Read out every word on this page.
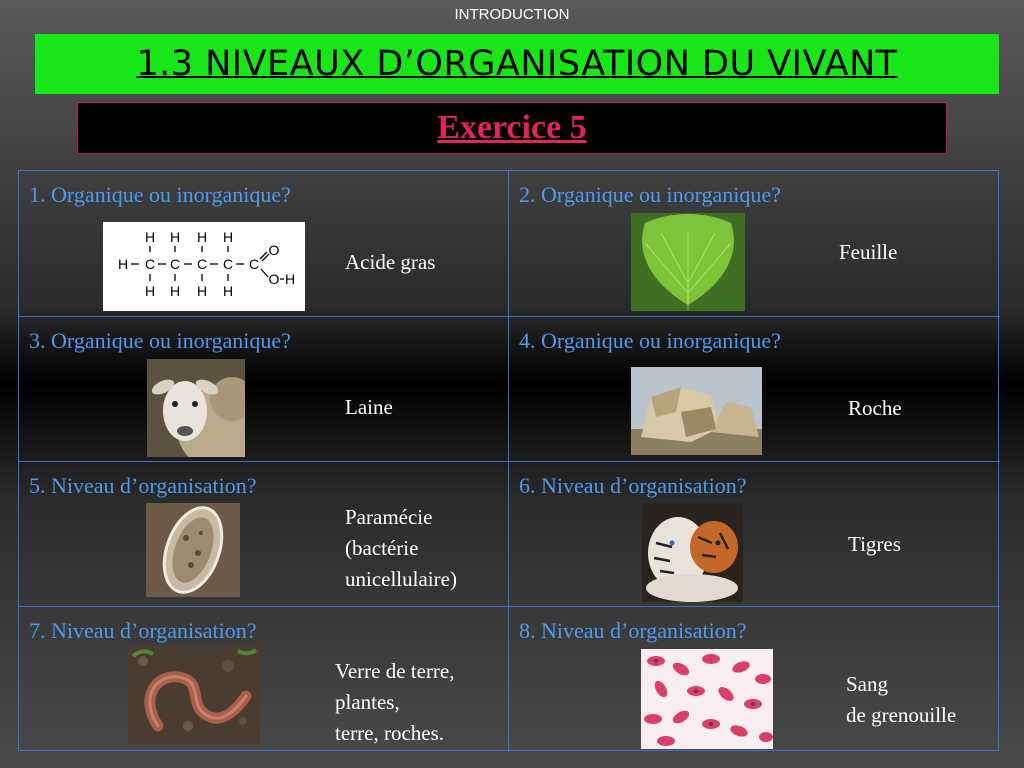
INTRODUCTION
1.3 NIVEAUX D’ORGANISATION DU VIVANT
Exercice 5
1. Organique ou inorganique?
H H H H
H C C C C C
O
O H
H H H H
Acide gras
2. Organique ou inorganique?
Feuille
3. Organique ou inorganique?
Laine
4. Organique ou inorganique?
Roche
5. Niveau d’organisation?
Paramécie
(bactérie
unicellulaire)
6. Niveau d’organisation?
Tigres
7. Niveau d’organisation?
Verre de terre,
plantes,
terre, roches.
8. Niveau d’organisation?
Sang
de grenouille
